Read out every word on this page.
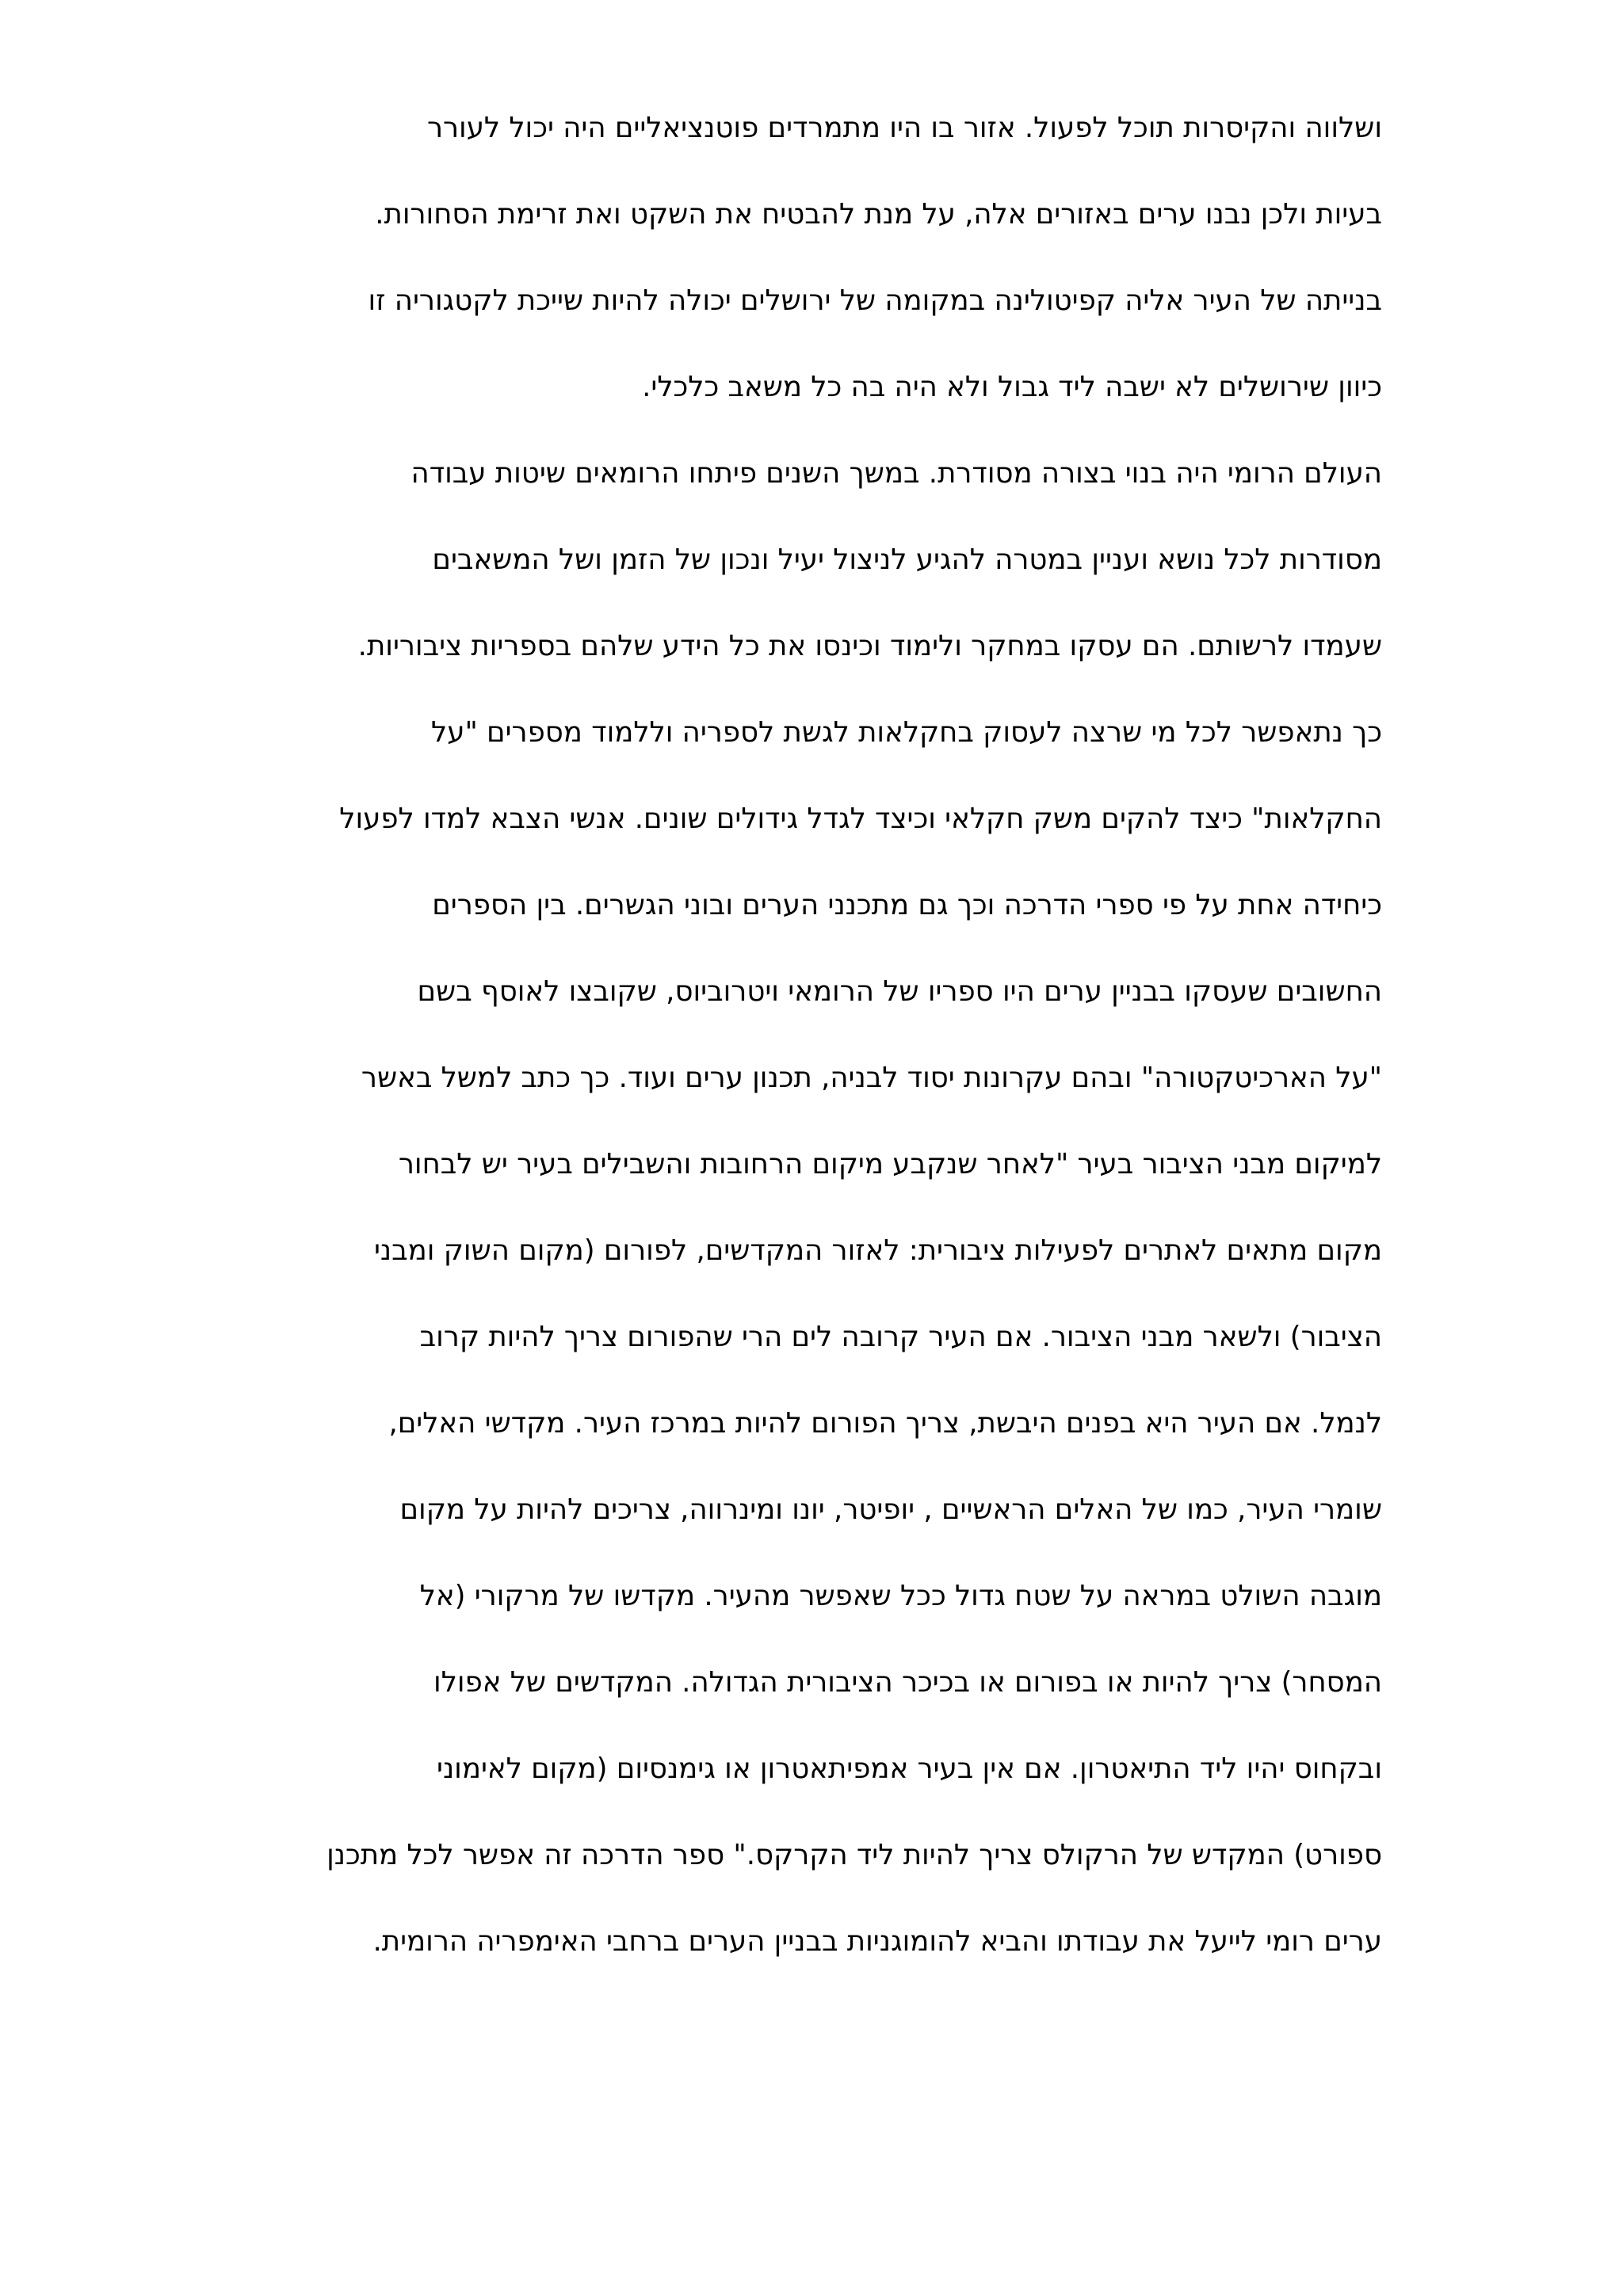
ושלווה והקיסרות תוכל לפעול. אזור בו היו מתמרדים פוטנציאליים היה יכול לעורר
בעיות ולכן נבנו ערים באזורים אלה, על מנת להבטיח את השקט ואת זרימת הסחורות.
בנייתה של העיר אליה קפיטולינה במקומה של ירושלים יכולה להיות שייכת לקטגוריה זו
כיוון שירושלים לא ישבה ליד גבול ולא היה בה כל משאב כלכלי.
העולם הרומי היה בנוי בצורה מסודרת. במשך השנים פיתחו הרומאים שיטות עבודה
מסודרות לכל נושא ועניין במטרה להגיע לניצול יעיל ונכון של הזמן ושל המשאבים
שעמדו לרשותם. הם עסקו במחקר ולימוד וכינסו את כל הידע שלהם בספריות ציבוריות.
כך נתאפשר לכל מי שרצה לעסוק בחקלאות לגשת לספריה וללמוד מספרים "על
החקלאות" כיצד להקים משק חקלאי וכיצד לגדל גידולים שונים. אנשי הצבא למדו לפעול
כיחידה אחת על פי ספרי הדרכה וכך גם מתכנני הערים ובוני הגשרים. בין הספרים
החשובים שעסקו בבניין ערים היו ספריו של הרומאי ויטרוביוס, שקובצו לאוסף בשם
"על הארכיטקטורה" ובהם עקרונות יסוד לבניה, תכנון ערים ועוד. כך כתב למשל באשר
למיקום מבני הציבור בעיר "לאחר שנקבע מיקום הרחובות והשבילים בעיר יש לבחור
מקום מתאים לאתרים לפעילות ציבורית: לאזור המקדשים, לפורום (מקום השוק ומבני
הציבור) ולשאר מבני הציבור. אם העיר קרובה לים הרי שהפורום צריך להיות קרוב
לנמל. אם העיר היא בפנים היבשת, צריך הפורום להיות במרכז העיר. מקדשי האלים,
שומרי העיר, כמו של האלים הראשיים , יופיטר, יונו ומינרווה, צריכים להיות על מקום
מוגבה השולט במראה על שטח גדול ככל שאפשר מהעיר. מקדשו של מרקורי (אל
המסחר) צריך להיות או בפורום או בכיכר הציבורית הגדולה. המקדשים של אפולו
ובקחוס יהיו ליד התיאטרון. אם אין בעיר אמפיתאטרון או גימנסיום (מקום לאימוני
ספורט) המקדש של הרקולס צריך להיות ליד הקרקס." ספר הדרכה זה אפשר לכל מתכנן
ערים רומי לייעל את עבודתו והביא להומוגניות בבניין הערים ברחבי האימפריה הרומית.
